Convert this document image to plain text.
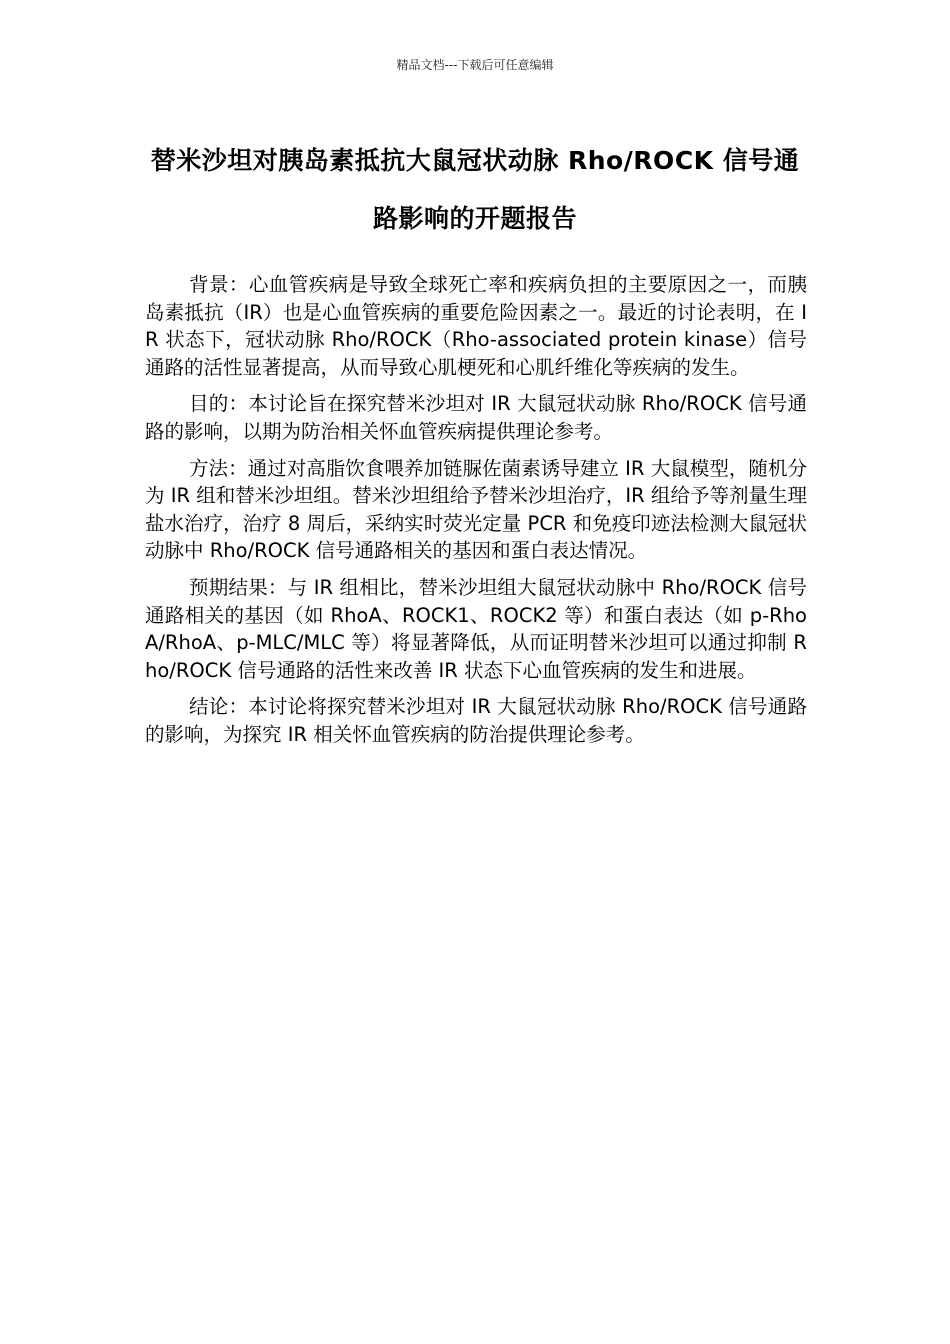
精品文档---下载后可任意编辑
替米沙坦对胰岛素抵抗大鼠冠状动脉 Rho/ROCK 信号通路影响的开题报告

背景：心血管疾病是导致全球死亡率和疾病负担的主要原因之一，而胰岛素抵抗（IR）也是心血管疾病的重要危险因素之一。最近的讨论表明，在 IR 状态下，冠状动脉 Rho/ROCK（Rho-associated protein kinase）信号通路的活性显著提高，从而导致心肌梗死和心肌纤维化等疾病的发生。

目的：本讨论旨在探究替米沙坦对 IR 大鼠冠状动脉 Rho/ROCK 信号通路的影响，以期为防治相关怀血管疾病提供理论参考。

方法：通过对高脂饮食喂养加链脲佐菌素诱导建立 IR 大鼠模型，随机分为 IR 组和替米沙坦组。替米沙坦组给予替米沙坦治疗，IR 组给予等剂量生理盐水治疗，治疗 8 周后，采纳实时荧光定量 PCR 和免疫印迹法检测大鼠冠状动脉中 Rho/ROCK 信号通路相关的基因和蛋白表达情况。

预期结果：与 IR 组相比，替米沙坦组大鼠冠状动脉中 Rho/ROCK 信号通路相关的基因（如 RhoA、ROCK1、ROCK2 等）和蛋白表达（如 p-RhoA/RhoA、p-MLC/MLC 等）将显著降低，从而证明替米沙坦可以通过抑制 Rho/ROCK 信号通路的活性来改善 IR 状态下心血管疾病的发生和进展。

结论：本讨论将探究替米沙坦对 IR 大鼠冠状动脉 Rho/ROCK 信号通路的影响，为探究 IR 相关怀血管疾病的防治提供理论参考。
